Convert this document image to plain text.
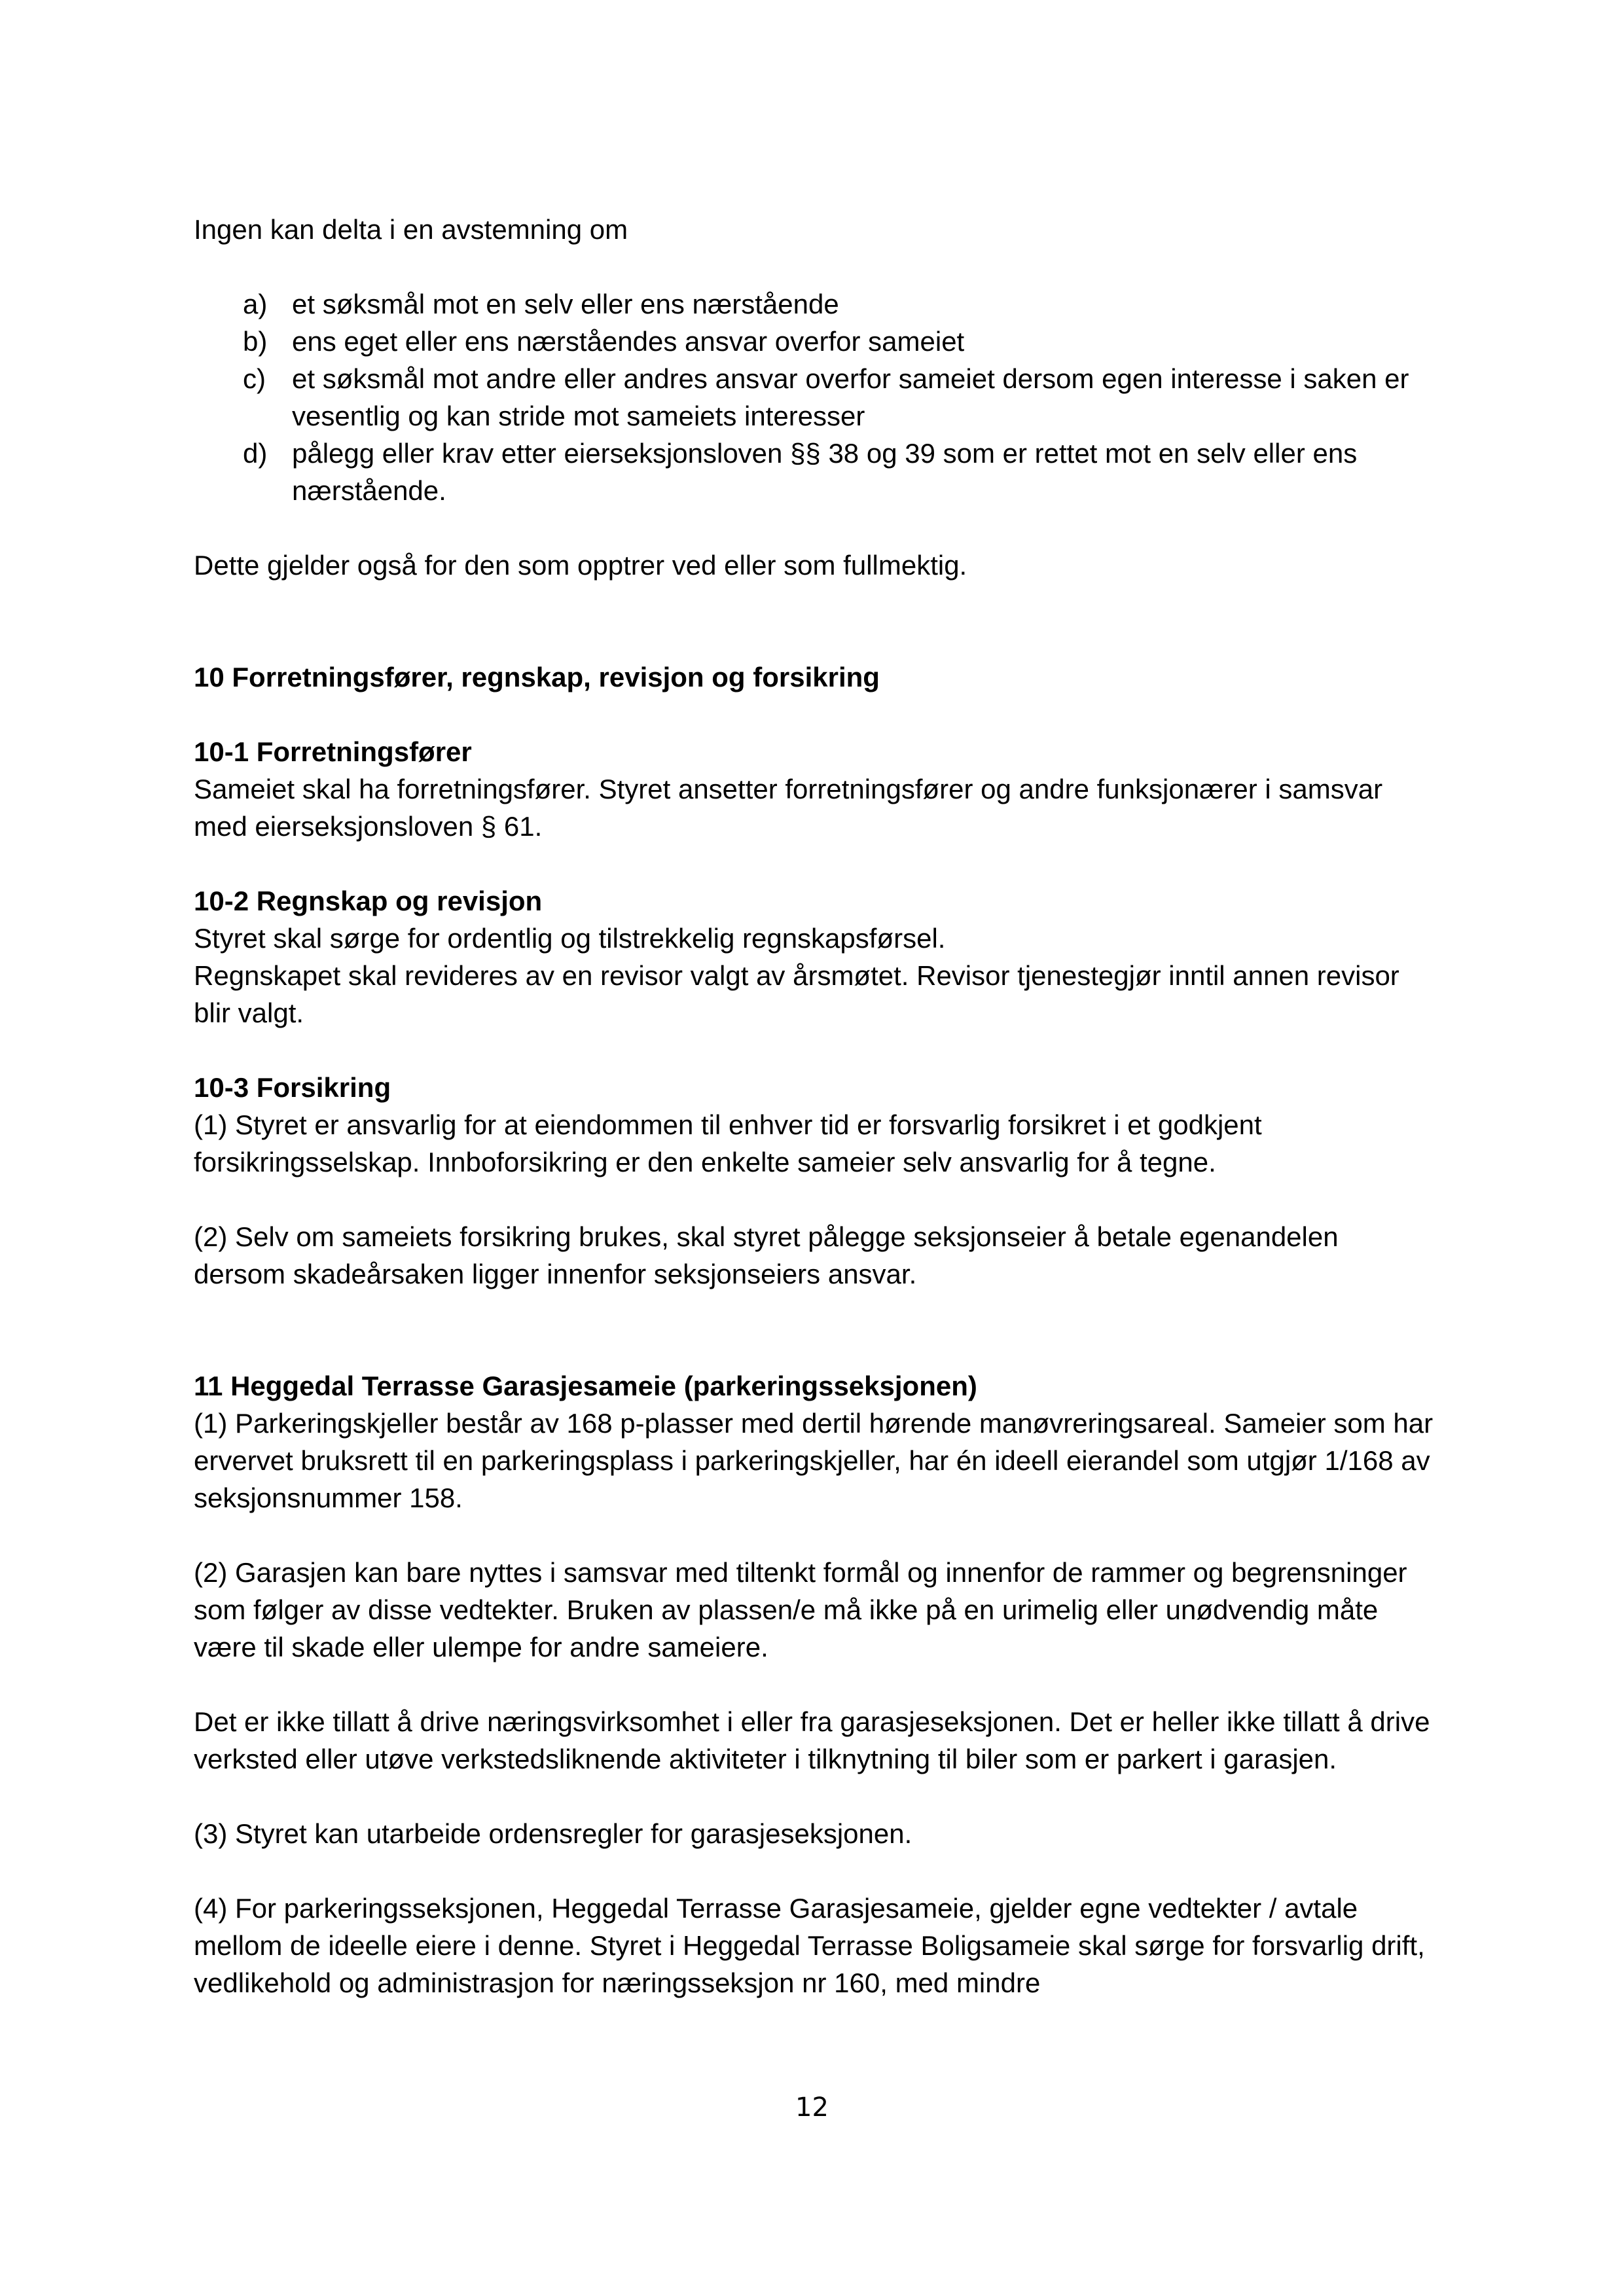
Ingen kan delta i en avstemning om

a) et søksmål mot en selv eller ens nærstående
b) ens eget eller ens nærståendes ansvar overfor sameiet
c) et søksmål mot andre eller andres ansvar overfor sameiet dersom egen interesse i saken er vesentlig og kan stride mot sameiets interesser
d) pålegg eller krav etter eierseksjonsloven §§ 38 og 39 som er rettet mot en selv eller ens nærstående.

Dette gjelder også for den som opptrer ved eller som fullmektig.

10 Forretningsfører, regnskap, revisjon og forsikring

10-1 Forretningsfører

Sameiet skal ha forretningsfører. Styret ansetter forretningsfører og andre funksjonærer i samsvar med eierseksjonsloven § 61.

10-2 Regnskap og revisjon

Styret skal sørge for ordentlig og tilstrekkelig regnskapsførsel.

Regnskapet skal revideres av en revisor valgt av årsmøtet. Revisor tjenestegjør inntil annen revisor blir valgt.

10-3 Forsikring

(1) Styret er ansvarlig for at eiendommen til enhver tid er forsvarlig forsikret i et godkjent forsikringsselskap. Innboforsikring er den enkelte sameier selv ansvarlig for å tegne.

(2) Selv om sameiets forsikring brukes, skal styret pålegge seksjonseier å betale egenandelen dersom skadeårsaken ligger innenfor seksjonseiers ansvar.

11 Heggedal Terrasse Garasjesameie (parkeringsseksjonen)

(1) Parkeringskjeller består av 168 p-plasser med dertil hørende manøvreringsareal. Sameier som har ervervet bruksrett til en parkeringsplass i parkeringskjeller, har én ideell eierandel som utgjør 1/168 av seksjonsnummer 158.

(2) Garasjen kan bare nyttes i samsvar med tiltenkt formål og innenfor de rammer og begrensninger som følger av disse vedtekter. Bruken av plassen/e må ikke på en urimelig eller unødvendig måte være til skade eller ulempe for andre sameiere.

Det er ikke tillatt å drive næringsvirksomhet i eller fra garasjeseksjonen. Det er heller ikke tillatt å drive verksted eller utøve verkstedsliknende aktiviteter i tilknytning til biler som er parkert i garasjen.

(3) Styret kan utarbeide ordensregler for garasjeseksjonen.

(4) For parkeringsseksjonen, Heggedal Terrasse Garasjesameie, gjelder egne vedtekter / avtale mellom de ideelle eiere i denne. Styret i Heggedal Terrasse Boligsameie skal sørge for forsvarlig drift, vedlikehold og administrasjon for næringsseksjon nr 160, med mindre

12
